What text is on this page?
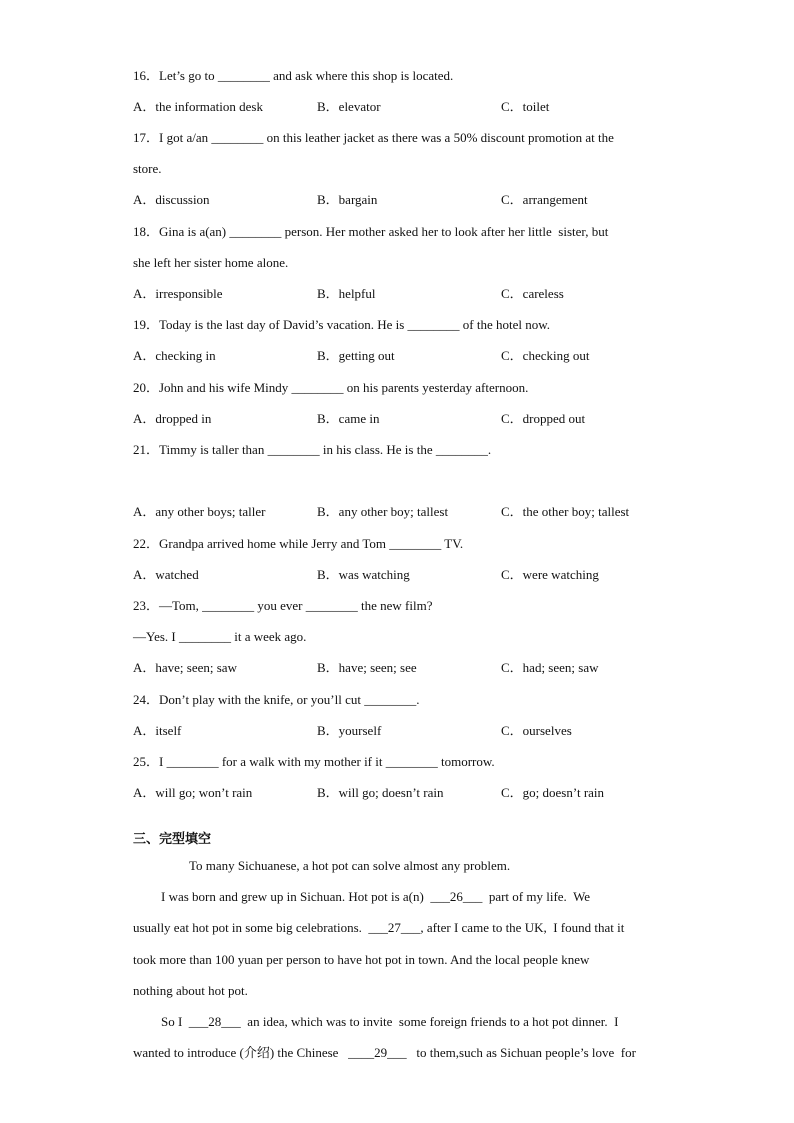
16．Let’s go to ________ and ask where this shop is located.
A．the information desk	B．elevator	C．toilet
17．I got a/an ________ on this leather jacket as there was a 50% discount promotion at the
store.
A．discussion	B．bargain	C．arrangement
18．Gina is a(an) ________ person. Her mother asked her to look after her little  sister, but
she left her sister home alone.
A．irresponsible	B．helpful	C．careless
19．Today is the last day of David’s vacation. He is ________ of the hotel now.
A．checking in	B．getting out	C．checking out
20．John and his wife Mindy ________ on his parents yesterday afternoon.
A．dropped in	B．came in	C．dropped out
21．Timmy is taller than ________ in his class. He is the ________.
A．any other boys; taller	B．any other boy; tallest	C．the other boy; tallest
22．Grandpa arrived home while Jerry and Tom ________ TV.
A．watched	B．was watching	C．were watching
23．—Tom, ________ you ever ________ the new film?
—Yes. I ________ it a week ago.
A．have; seen; saw	B．have; seen; see	C．had; seen; saw
24．Don’t play with the knife, or you’ll cut ________.
A．itself	B．yourself	C．ourselves
25．I ________ for a walk with my mother if it ________ tomorrow.
A．will go; won’t rain	B．will go; doesn’t rain	C．go; doesn’t rain
三、完型填空
To many Sichuanese, a hot pot can solve almost any problem.
I was born and grew up in Sichuan. Hot pot is a(n)  ___26___  part of my life.  We
usually eat hot pot in some big celebrations.  ___27___, after I came to the UK,  I found that it
took more than 100 yuan per person to have hot pot in town. And the local people knew
nothing about hot pot.
So I  ___28___  an idea, which was to invite  some foreign friends to a hot pot dinner.  I
wanted to introduce (介绍) the Chinese   ____29___   to them,such as Sichuan people’s love  for
